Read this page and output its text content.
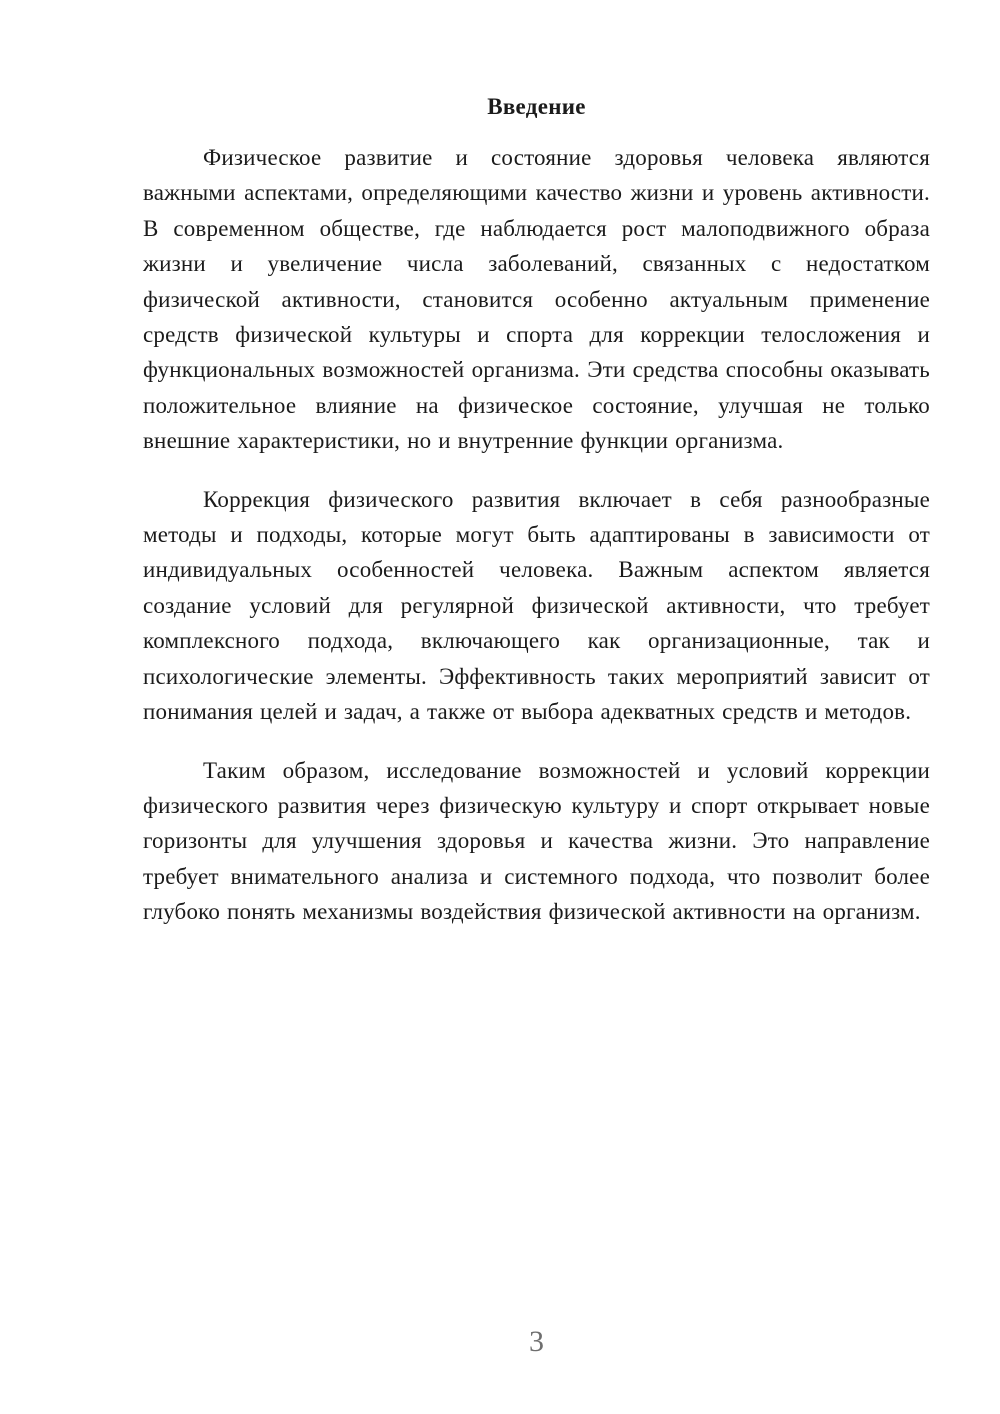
Введение

Физическое развитие и состояние здоровья человека являются важными аспектами, определяющими качество жизни и уровень активности. В современном обществе, где наблюдается рост малоподвижного образа жизни и увеличение числа заболеваний, связанных с недостатком физической активности, становится особенно актуальным применение средств физической культуры и спорта для коррекции телосложения и функциональных возможностей организма. Эти средства способны оказывать положительное влияние на физическое состояние, улучшая не только внешние характеристики, но и внутренние функции организма.

Коррекция физического развития включает в себя разнообразные методы и подходы, которые могут быть адаптированы в зависимости от индивидуальных особенностей человека. Важным аспектом является создание условий для регулярной физической активности, что требует комплексного подхода, включающего как организационные, так и психологические элементы. Эффективность таких мероприятий зависит от понимания целей и задач, а также от выбора адекватных средств и методов.

Таким образом, исследование возможностей и условий коррекции физического развития через физическую культуру и спорт открывает новые горизонты для улучшения здоровья и качества жизни. Это направление требует внимательного анализа и системного подхода, что позволит более глубоко понять механизмы воздействия физической активности на организм.

3
